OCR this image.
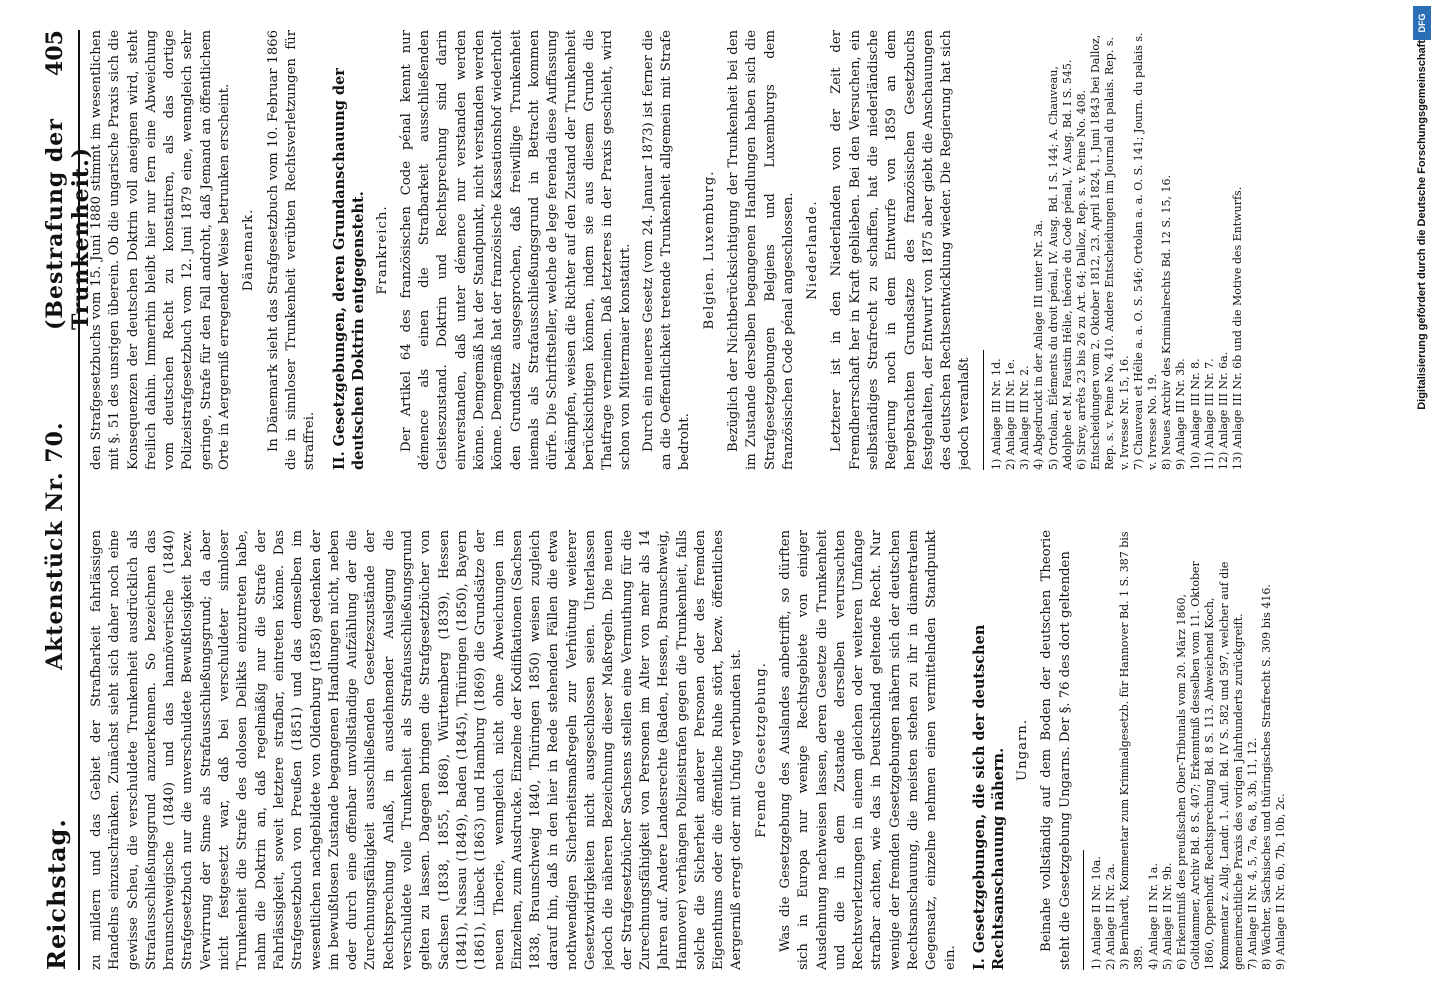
Reichstag.
Aktenstück Nr. 70.
(Bestrafung der Trunkenheit.)
405

zu mildern und das Gebiet der Strafbarkeit fahrlässigen Handelns einzuschränken. Zunächst sieht sich daher noch eine gewisse Scheu, die verschuldete Trunkenheit ausdrücklich als Strafausschließungsgrund anzuerkennen. So bezeichnen das braunschweigische (1840) und das hannöverische (1840) Strafgesetzbuch nur die unverschuldete Bewußtlosigkeit bezw. Verwirrung der Sinne als Strafausschließungsgrund; da aber nicht festgesetzt war, daß bei verschuldeter sinnloser Trunkenheit die Strafe des dolosen Delikts einzutreten habe, nahm die Doktrin an, daß regelmäßig nur die Strafe der Fahrlässigkeit, soweit letztere strafbar, eintreten könne. Das Strafgesetzbuch von Preußen (1851) und das demselben im wesentlichen nachgebildete von Oldenburg (1858) gedenken der im bewußtlosen Zustande begangenen Handlungen nicht, neben oder durch eine offenbar unvollständige Aufzählung der die Zurechnungsfähigkeit ausschließenden Gesetzeszustände der Rechtsprechung Anlaß, in ausdehnender Auslegung die verschuldete volle Trunkenheit als Strafausschließungsgrund gelten zu lassen. Dagegen bringen die Strafgesetzbücher von Sachsen (1838, 1855, 1868), Württemberg (1839), Hessen (1841), Nassau (1849), Baden (1845), Thüringen (1850), Bayern (1861), Lübeck (1863) und Hamburg (1869) die Grundsätze der neuen Theorie, wenngleich nicht ohne Abweichungen im Einzelnen, zum Ausdrucke. Einzelne der Kodifikationen (Sachsen 1838, Braunschweig 1840, Thüringen 1850) weisen zugleich darauf hin, daß in den hier in Rede stehenden Fällen die etwa nothwendigen Sicherheitsmaßregeln zur Verhütung weiterer Gesetzwidrigkeiten nicht ausgeschlossen seien. Unterlassen jedoch die näheren Bezeichnung dieser Maßregeln. Die neuen der Strafgesetzbücher Sachsens stellen eine Vermuthung für die Zurechnungsfähigkeit von Personen im Alter von mehr als 14 Jahren auf. Andere Landesrechte (Baden, Hessen, Braunschweig, Hannover) verhängen Polizeistrafen gegen die Trunkenheit, falls solche die Sicherheit anderer Personen oder des fremden Eigenthums oder die öffentliche Ruhe stört, bezw. öffentliches Aergerniß erregt oder mit Unfug verbunden ist. Fremde Gesetzgebung. Was die Gesetzgebung des Auslandes anbetrifft, so dürften sich in Europa nur wenige Rechtsgebiete von einiger Ausdehnung nachweisen lassen, deren Gesetze die Trunkenheit und die in dem Zustande derselben verursachten Rechtsverletzungen in einem gleichen oder weiteren Umfange strafbar achten, wie das in Deutschland geltende Recht. Nur wenige der fremden Gesetzgebungen nähern sich der deutschen Rechtsanschauung, die meisten stehen zu ihr in diametralem Gegensatz, einzelne nehmen einen vermittelnden Standpunkt ein. I. Gesetzgebungen, die sich der deutschen Rechtsanschauung nähern. Ungarn. Beinahe vollständig auf dem Boden der deutschen Theorie steht die Gesetzgebung Ungarns. Der §. 76 des dort geltenden 1) Anlage II Nr. 10a. 2) Anlage II Nr. 2a. 3) Bernhardt, Kommentar zum Kriminalgesetzb. für Hannover Bd. 1 S. 387 bis 389. 4) Anlage II Nr. 1a. 5) Anlage II Nr. 9b. 6) Erkenntniß des preußischen Ober-Tribunals vom 20. März 1860, Goltdammer, Archiv Bd. 8 S. 407; Erkenntniß desselben vom 11. Oktober 1860, Oppenhoff, Rechtsprechung Bd. 8 S. 113. Abweichend Koch, Kommentar z. Allg. Landr. 1. Aufl. Bd. IV S. 582 und 597, welcher auf die gemeinrechtliche Praxis des vorigen Jahrhunderts zurückgreift. 7) Anlage II Nr. 4, 5, 7a, 6a, 8, 3b, 11, 12. 8) Wächter, Sächsisches und thüringisches Strafrecht S. 309 bis 416. 9) Anlage II Nr. 6b, 7b, 10b, 2c.

den Strafgesetzbuchs vom 15. Juni 1880 stimmt im wesentlichen mit §. 51 des unsrigen überein. Ob die ungarische Praxis sich die Konsequenzen der deutschen Doktrin voll aneignen wird, steht freilich dahin. Immerhin bleibt hier nur fern eine Abweichung vom deutschen Recht zu konstatiren, als das dortige Polizeistrafgesetzbuch vom 12. Juni 1879 eine, wenngleich sehr geringe, Strafe für den Fall androht, daß Jemand an öffentlichem Orte in Aergerniß erregender Weise betrunken erscheint. Dänemark. In Dänemark sieht das Strafgesetzbuch vom 10. Februar 1866 die in sinnloser Trunkenheit verübten Rechtsverletzungen für straffrei. II. Gesetzgebungen, deren Grundanschauung der deutschen Doktrin entgegensteht. Frankreich. Der Artikel 64 des französischen Code pénal kennt nur démence als einen die Strafbarkeit ausschließenden Geisteszustand. Doktrin und Rechtsprechung sind darin einverstanden, daß unter démence nur verstanden werden könne. Demgemäß hat der Standpunkt, nicht verstanden werden könne. Demgemäß hat der französische Kassationshof wiederholt den Grundsatz ausgesprochen, daß freiwillige Trunkenheit niemals als Strafausschließungsgrund in Betracht kommen dürfe. Die Schriftsteller, welche de lege ferenda diese Auffassung bekämpfen, weisen die Richter auf den Zustand der Trunkenheit berücksichtigen können, indem sie aus diesem Grunde die Thatfrage verneinen. Daß letzteres in der Praxis geschieht, wird schon von Mittermaier konstatirt. Durch ein neueres Gesetz (vom 24. Januar 1873) ist ferner die an die Oeffentlichkeit tretende Trunkenheit allgemein mit Strafe bedroht.

Belgien. Luxemburg. Bezüglich der Nichtberücksichtigung der Trunkenheit bei den im Zustande derselben begangenen Handlungen haben sich die Strafgesetzgebungen Belgiens und Luxemburgs dem französischen Code pénal angeschlossen. Niederlande. Letzterer ist in den Niederlanden von der Zeit der Fremdherrschaft her in Kraft geblieben. Bei den Versuchen, ein selbständiges Strafrecht zu schaffen, hat die niederländische Regierung noch in dem Entwurfe von 1859 an dem hergebrachten Grundsatze des französischen Gesetzbuchs festgehalten, der Entwurf von 1875 aber giebt die Anschauungen des deutschen Rechtsentwicklung wieder. Die Regierung hat sich jedoch veranlaßt 1) Anlage III Nr. 1d. 2) Anlage III Nr. 1e. 3) Anlage III Nr. 2. 4) Abgedruckt in der Anlage III unter Nr. 3a. 5) Ortolan, Éléments du droit pénal, IV. Ausg. Bd. I S. 144; A. Chauveau, Adolphe et M. Faustin Hélie, théorie du Code pénal, V. Ausg. Bd. I S. 545. 6) Sirey, arrêts 23 bis 26 zu Art. 64; Dalloz, Rep. s. v. Peine No. 408. Entscheidungen vom 2. Oktober 1812, 23. April 1824, 1. Juni 1843 bei Dalloz, Rep. s. v. Peine No. 410. Andere Entscheidungen im Journal du palais. Rep. s. v. Ivresse Nr. 15, 16. 7) Chauveau et Hélie a. a. O. S. 546; Ortolan a. a. O. S. 141; Journ. du palais s. v. Ivresse No. 19. 8) Neues Archiv des Kriminalrechts Bd. 12 S. 15, 16. 9) Anlage III Nr. 3b. 10) Anlage III Nr. 8. 11) Anlage III Nr. 7. 12) Anlage III Nr. 6a. 13) Anlage III Nr. 6b und die Motive des Entwurfs.

DFG
Digitalisierung gefördert durch die Deutsche Forschungsgemeinschaft
